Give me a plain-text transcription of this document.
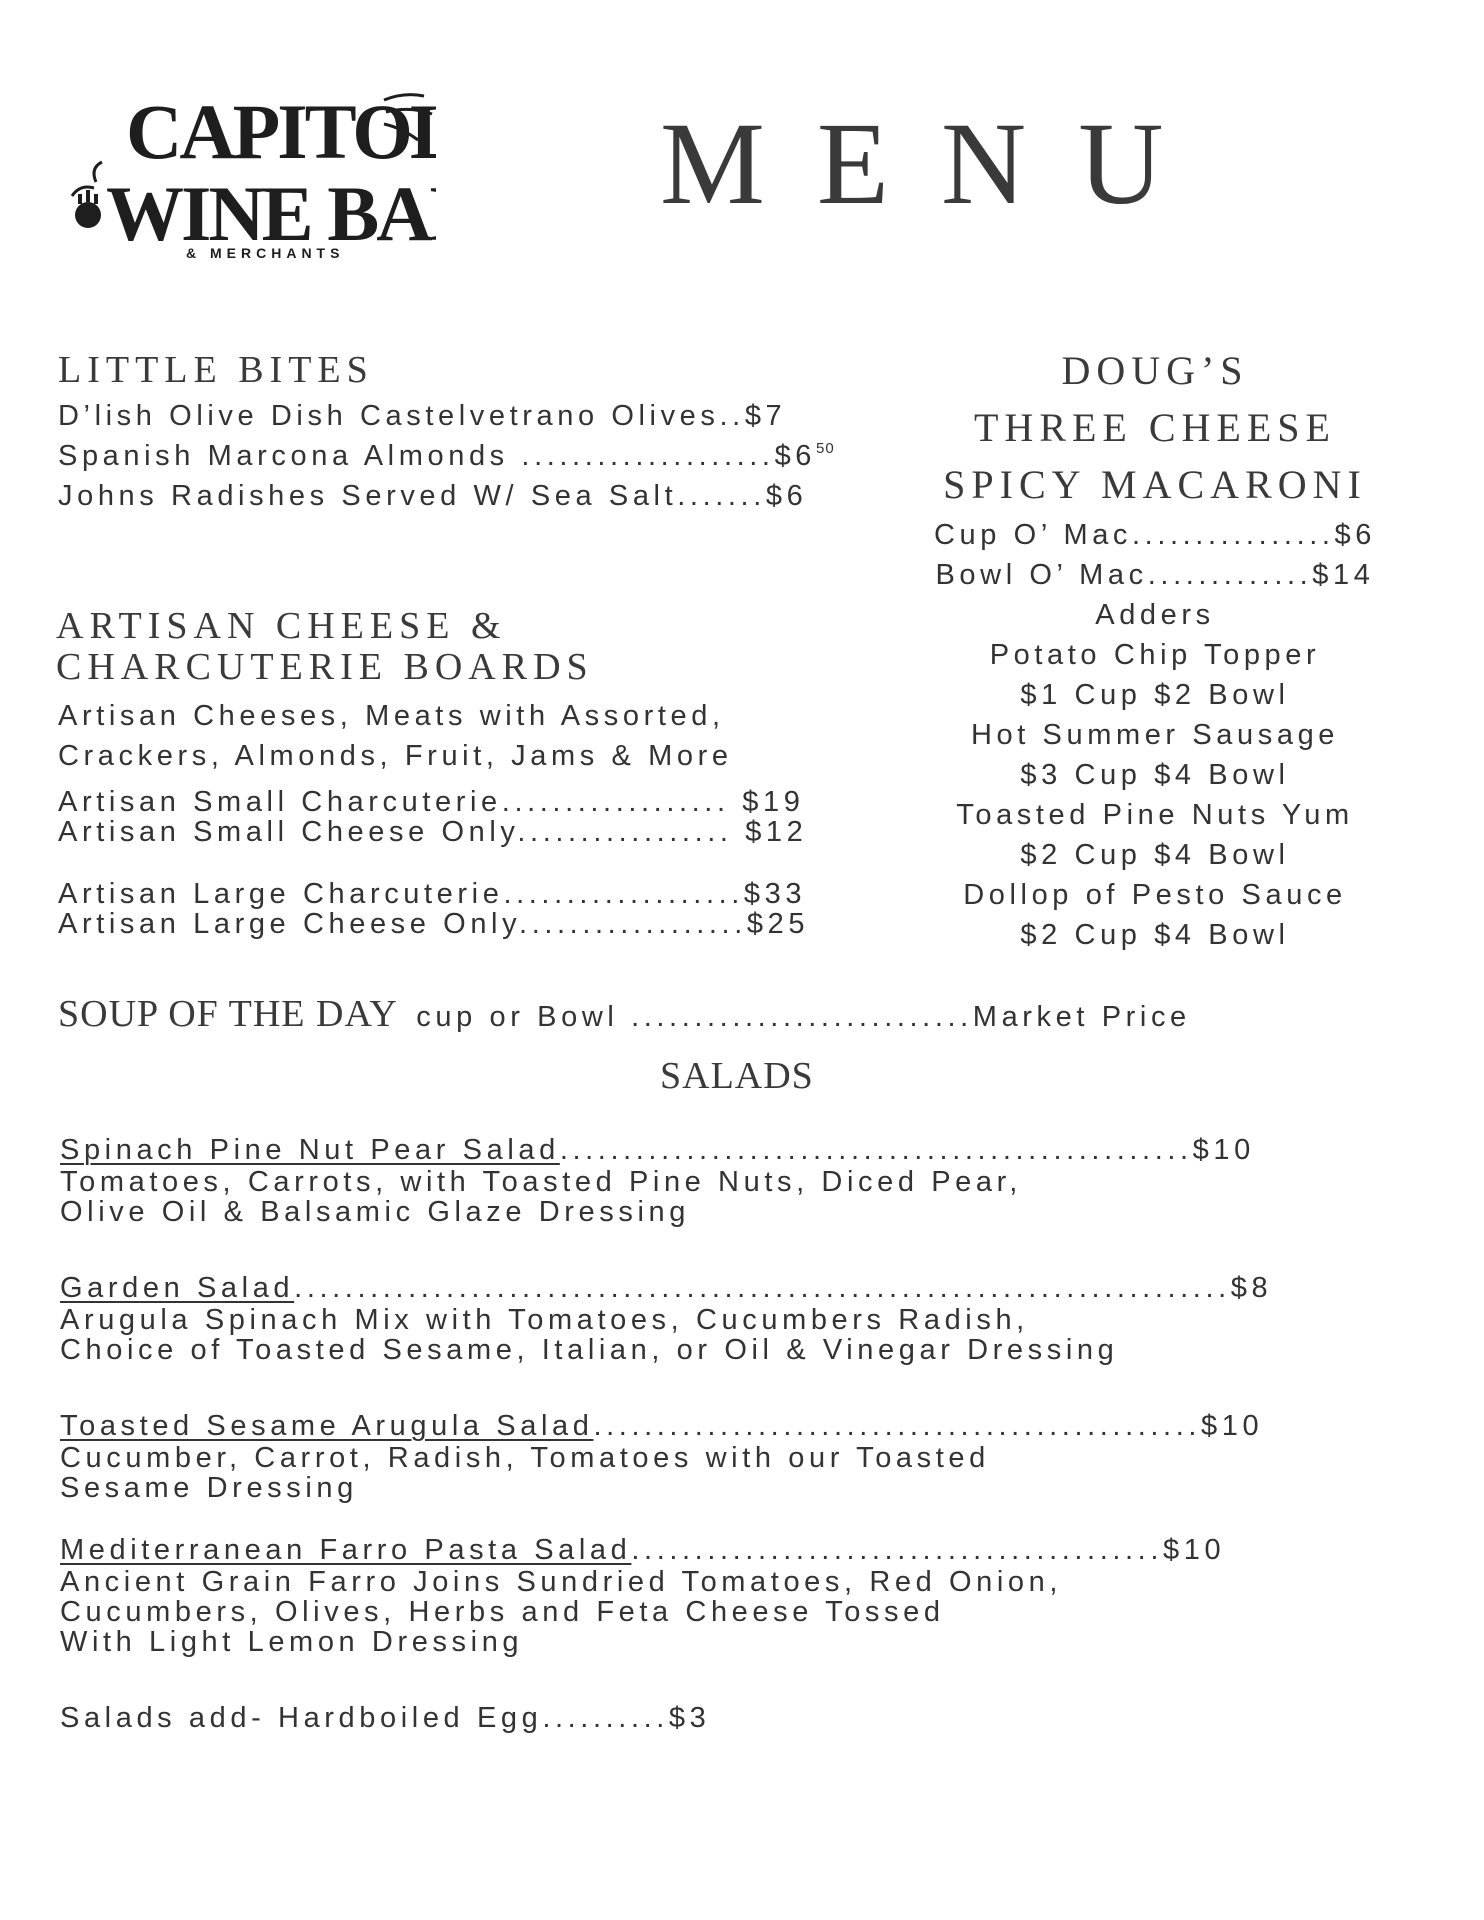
CAPITOL
WINE BA
& MERCHANTS
MENU
LITTLE BITES
D’lish Olive Dish Castelvetrano Olives..$7
Spanish Marcona Almonds $....................\$6^{50}$
Johns Radishes Served W/ Sea Salt.......$6
ARTISAN CHEESE &
CHARCUTERIE BOARDS
Artisan Cheeses, Meats with Assorted,
Crackers, Almonds, Fruit, Jams & More
Artisan Small Charcuterie.................. $19
Artisan Small Cheese Only................. $12
Artisan Large Charcuterie...................$33
Artisan Large Cheese Only..................$25
DOUG’S
THREE CHEESE
SPICY MACARONI
Cup O’ Mac................$6
Bowl O’ Mac.............$14
Adders
Potato Chip Topper
$1 Cup $2 Bowl
Hot Summer Sausage
$3 Cup $4 Bowl
Toasted Pine Nuts Yum
$2 Cup $4 Bowl
Dollop of Pesto Sauce
$2 Cup $4 Bowl
SOUP OF THE DAY cup or Bowl ...........................Market Price
SALADS
Spinach Pine Nut Pear Salad..................................................$10
Tomatoes, Carrots, with Toasted Pine Nuts, Diced Pear,
Olive Oil & Balsamic Glaze Dressing
Garden Salad..........................................................................$8
Arugula Spinach Mix with Tomatoes, Cucumbers Radish,
Choice of Toasted Sesame, Italian, or Oil & Vinegar Dressing
Toasted Sesame Arugula Salad................................................$10
Cucumber, Carrot, Radish, Tomatoes with our Toasted
Sesame Dressing
Mediterranean Farro Pasta Salad..........................................$10
Ancient Grain Farro Joins Sundried Tomatoes, Red Onion,
Cucumbers, Olives, Herbs and Feta Cheese Tossed
With Light Lemon Dressing
Salads add- Hardboiled Egg..........$3
